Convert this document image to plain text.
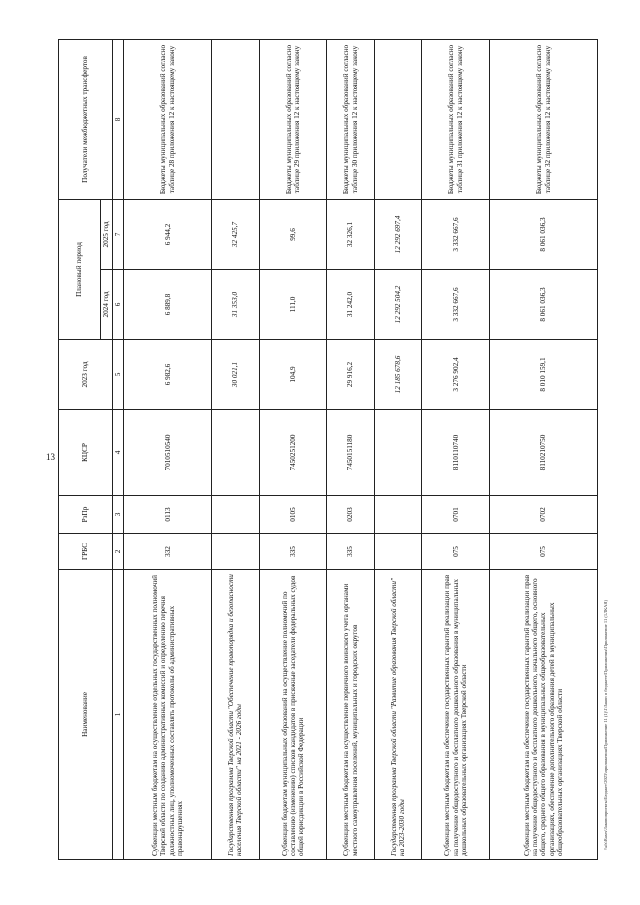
13
\\sfs\Bases\Законопроекты\Бюджет\2023\приложения\Приложение 11 (1)\1\Закон о бюджете\Приложения\Приложение 11 (1ЛКАЯ)
Наименование	ГРБС	РзПр	КЦСР	2023 год	Плановый период		Получатели межбюджетных трансфертов
					2024 год	2025 год	
1	2	3	4	5	6	7	8
Субвенции местным бюджетам на осуществление отдельных государственных полномочий Тверской области по созданию административных комиссий и определению перечня должностных лиц, уполномоченных составлять протоколы об административных правонарушениях	332	0113	7010510540	6 982,6	6 889,8	6 944,2	Бюджеты муниципальных образований согласно таблице 28 приложения 12 к настоящему закону
Государственная программа Тверской области "Обеспечение правопорядка и безопасности населения Тверской области" на 2021 - 2026 годы				30 021,1	31 353,0	32 425,7	
Субвенции бюджетам муниципальных образований на осуществление полномочий по составлению (изменению) списков кандидатов в присяжные заседатели федеральных судов общей юрисдикции в Российской Федерации	335	0105	7450251200	104,9	111,0	99,6	Бюджеты муниципальных образований согласно таблице 29 приложения 12 к настоящему закону
Субвенции местным бюджетам на осуществление первичного воинского учета органами местного самоуправления поселений, муниципальных и городских округов	335	0203	7450151180	29 916,2	31 242,0	32 326,1	Бюджеты муниципальных образований согласно таблице 30 приложения 12 к настоящему закону
Государственная программа Тверской области "Развитие образования Тверской области" на 2023-2030 годы				12 185 678,6	12 292 504,2	12 292 697,4	
Субвенции местным бюджетам на обеспечение государственных гарантий реализации прав на получение общедоступного и бесплатного дошкольного образования в муниципальных дошкольных образовательных организациях Тверской области	075	0701	8110110740	3 276 902,4	3 332 667,6	3 332 667,6	Бюджеты муниципальных образований согласно таблице 31 приложения 12 к настоящему закону
Субвенции местным бюджетам на обеспечение государственных гарантий реализации прав на получение общедоступного и бесплатного дошкольного, начального общего, основного общего, среднего общего образования в муниципальных общеобразовательных организациях, обеспечение дополнительного образования детей в муниципальных общеобразовательных организациях Тверской области	075	0702	8110210750	8 010 159,1	8 061 036,3	8 061 036,3	Бюджеты муниципальных образований согласно таблице 32 приложения 12 к настоящему закону
